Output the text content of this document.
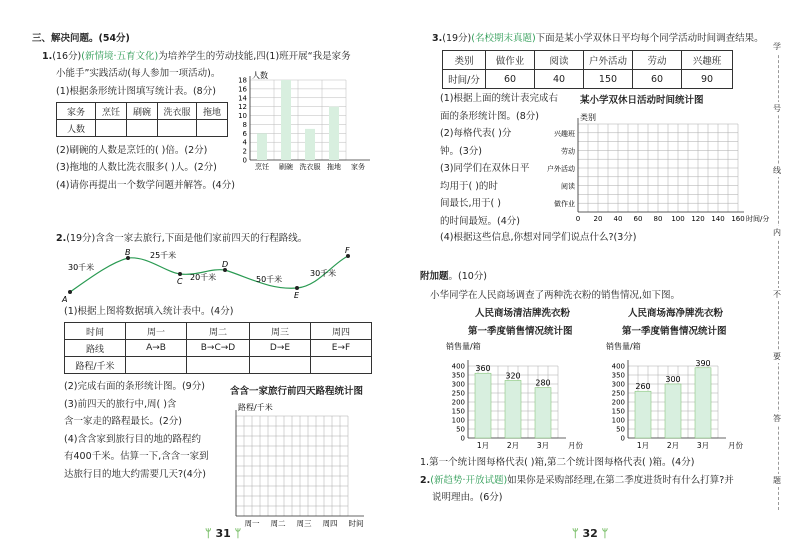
三、解决问题。(54分)
1.(16分)(新情境·五育文化)为培养学生的劳动技能,四(1)班开展“我是家务
小能手”实践活动(每人参加一项活动)。
(1)根据条形统计图填写统计表。(8分)
家务	烹饪	刷碗	洗衣服	拖地
人数				
(2)刷碗的人数是烹饪的( )倍。(2分)
(3)拖地的人数比洗衣服多( )人。(2分)
(4)请你再提出一个数学问题并解答。(4分)
人数
18
16
14
12
10
8
6
4
2
0
烹饪 刷碗 洗衣服 拖地 家务
2.(19分)含含一家去旅行,下面是他们家前四天的行程路线。
A
B
C
D
E
F
30千米
25千米
20千米	50千米
30千米
(1)根据上图将数据填入统计表中。(4分)
时间	周一	周二	周三	周四
路线	A→B	B→C→D	D→E	E→F
路程/千米				
(2)完成右面的条形统计图。(9分)
(3)前四天的旅行中,周( )含
含一家走的路程最长。(2分)
(4)含含家到旅行目的地的路程约
有400千米。估算一下,含含一家到
达旅行目的地大约需要几天?(4分)
含含一家旅行前四天路程统计图
路程/千米
周一 周二 周三 周四 时间
ᛘ 31 ᛘ
3.(19分)(名校期末真题)下面是某小学双休日平均每个同学活动时间调查结果。
类别	做作业	阅读	户外活动	劳动	兴趣班
时间/分	60	40	150	60	90
(1)根据上面的统计表完成右
面的条形统计图。(8分)
(2)每格代表( )分
钟。(3分)
(3)同学们在双休日平
均用于( )的时
间最长,用于( )
的时间最短。(4分)
(4)根据这些信息,你想对同学们说点什么?(3分)
某小学双休日活动时间统计图
类别
兴趣班
劳动
户外活动
阅读
做作业
0 20 40 60 80 100 120 140 160 时间/分
附加题。(10分)
小华同学在人民商场调查了两种洗衣粉的销售情况,如下图。
人民商场清洁牌洗衣粉
第一季度销售情况统计图
人民商场海净牌洗衣粉
第一季度销售情况统计图
销售量/箱
400
350
300
250
200
150
100
50
0
360
1月
320
2月
280
3月	月份
销售量/箱
400
350
300
250
200
150
100
50
0
260
1月
300
2月
390
3月	月份
1.第一个统计图每格代表( )箱,第二个统计图每格代表( )箱。(4分)
2.(新趋势·开放试题)如果你是采购部经理,在第二季度进货时有什么打算?并
说明理由。(6分)
ᛘ 32 ᛘ
学
号
线
内
不
要
答
题
